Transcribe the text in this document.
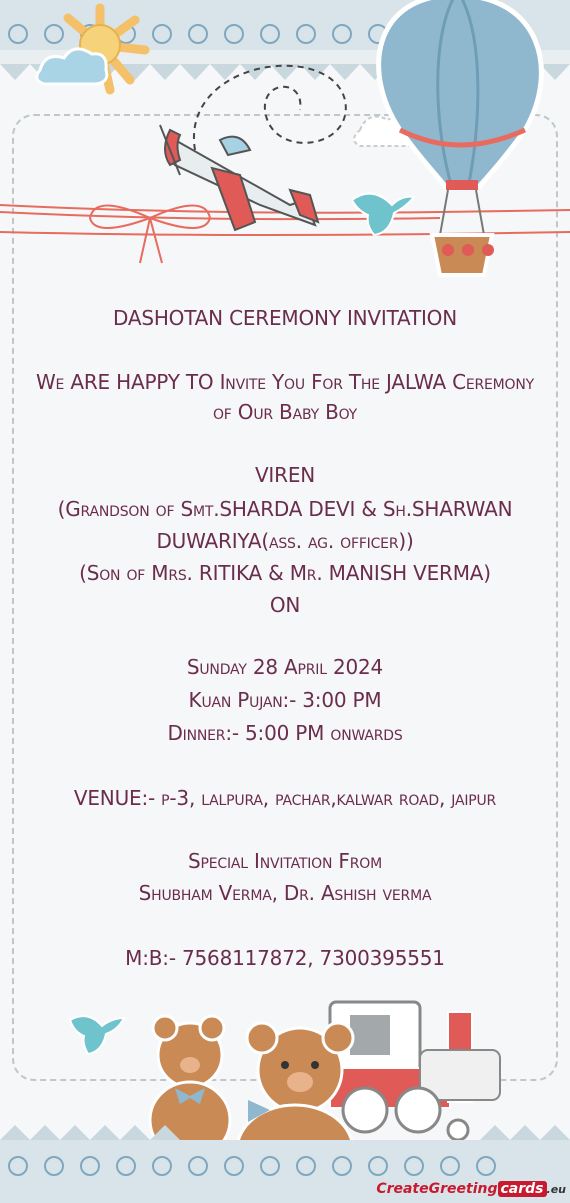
DASHOTAN CEREMONY INVITATION
We ARE HAPPY TO Invite You For The JALWA Ceremony
of Our Baby Boy
VIREN
(Grandson of Smt.SHARDA DEVI & Sh.SHARWAN
DUWARIYA(ass. ag. officer))
(Son of Mrs. RITIKA & Mr. MANISH VERMA)
ON
Sunday 28 April 2024
Kuan Pujan:- 3:00 PM
Dinner:- 5:00 PM onwards
VENUE:- p-3, lalpura, pachar,kalwar road, jaipur
Special Invitation From
Shubham Verma, Dr. Ashish verma
M:B:- 7568117872, 7300395551
CreateGreeting cards .eu
